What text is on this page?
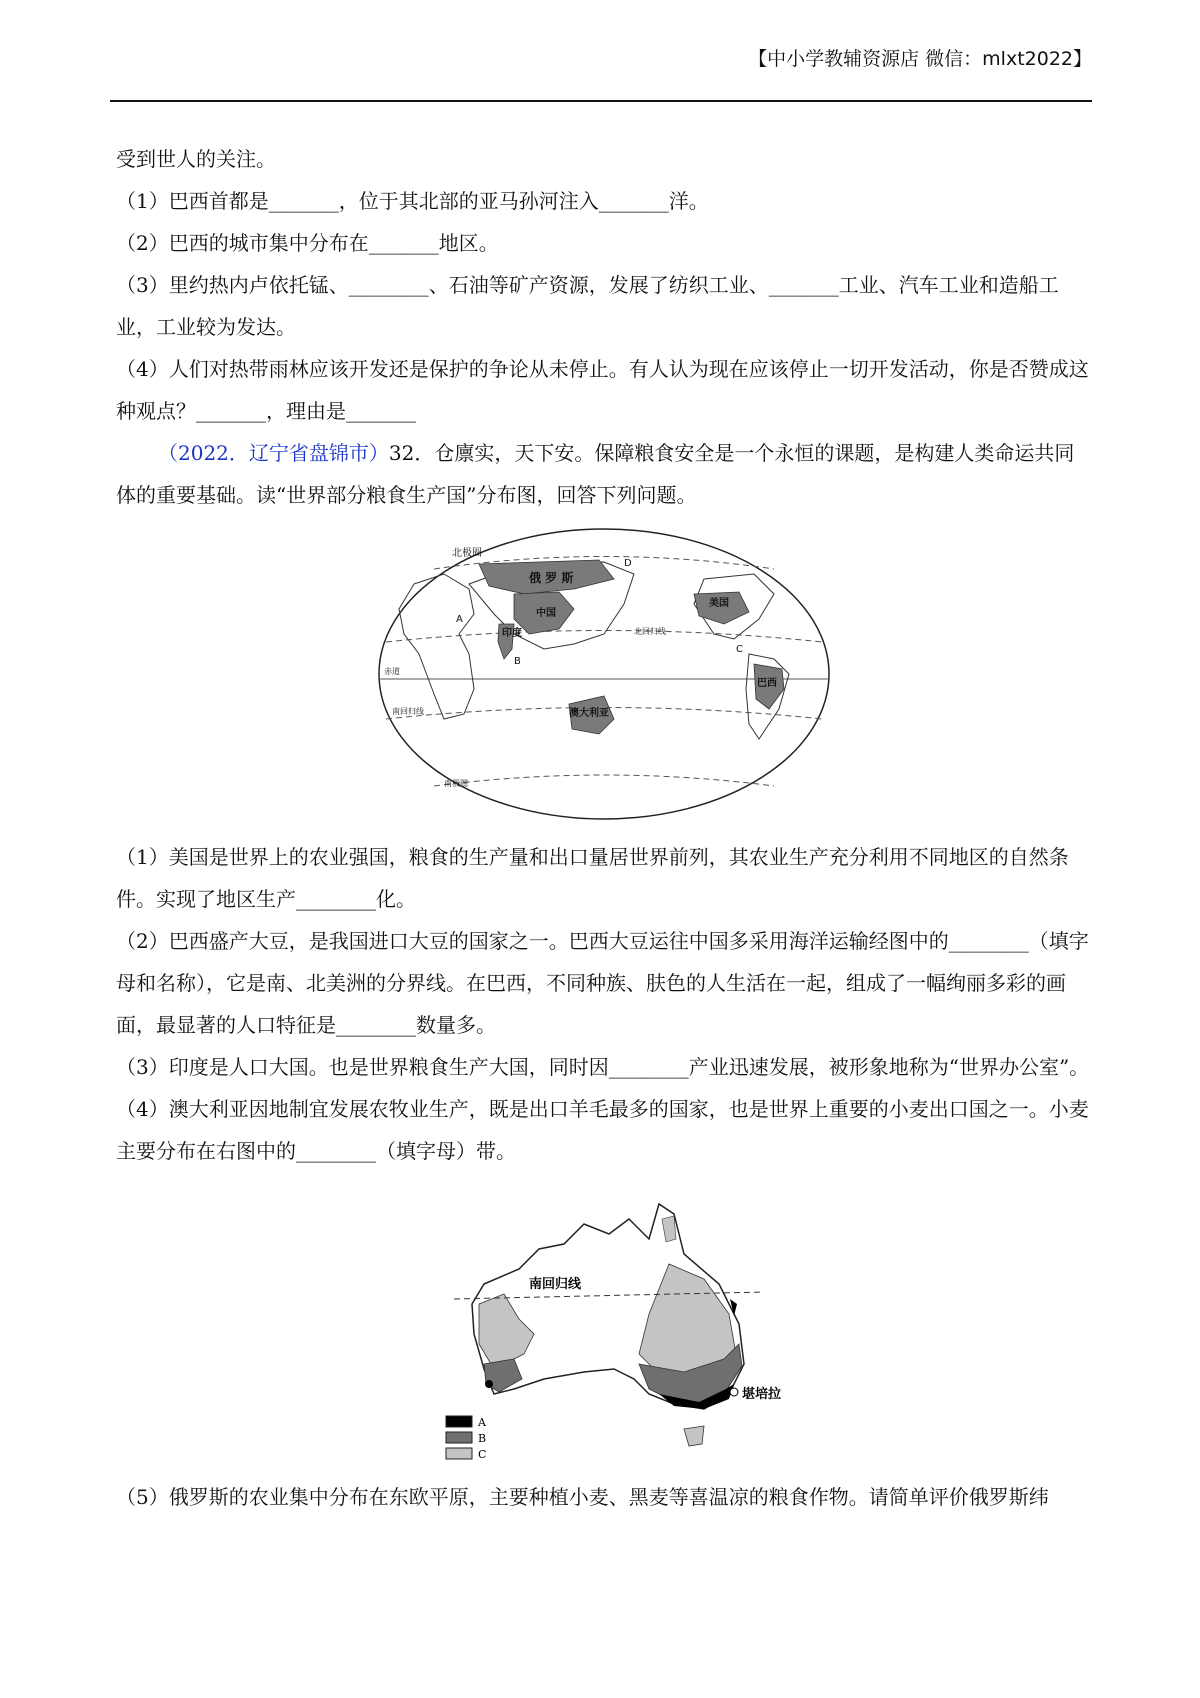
【中小学教辅资源店 微信：mlxt2022】

受到世人的关注。

（1）巴西首都是_______，位于其北部的亚马孙河注入_______洋。

（2）巴西的城市集中分布在_______地区。

（3）里约热内卢依托锰、________、石油等矿产资源，发展了纺织工业、_______工业、汽车工业和造船工业，工业较为发达。

（4）人们对热带雨林应该开发还是保护的争论从未停止。有人认为现在应该停止一切开发活动，你是否赞成这种观点？_______，理由是_______

（2022．辽宁省盘锦市）32．仓廪实，天下安。保障粮食安全是一个永恒的课题，是构建人类命运共同体的重要基础。读“世界部分粮食生产国”分布图，回答下列问题。

北极圈
俄 罗 斯
美国
中国
印度
巴西
澳大利亚
北回归线
赤道
南回归线
南极圈
A
B
C
D

（1）美国是世界上的农业强国，粮食的生产量和出口量居世界前列，其农业生产充分利用不同地区的自然条件。实现了地区生产________化。

（2）巴西盛产大豆，是我国进口大豆的国家之一。巴西大豆运往中国多采用海洋运输经图中的________（填字母和名称），它是南、北美洲的分界线。在巴西，不同种族、肤色的人生活在一起，组成了一幅绚丽多彩的画面，最显著的人口特征是________数量多。

（3）印度是人口大国。也是世界粮食生产大国，同时因________产业迅速发展，被形象地称为“世界办公室”。

（4）澳大利亚因地制宜发展农牧业生产，既是出口羊毛最多的国家，也是世界上重要的小麦出口国之一。小麦主要分布在右图中的________（填字母）带。

南回归线
堪培拉
A
B
C

（5）俄罗斯的农业集中分布在东欧平原，主要种植小麦、黑麦等喜温凉的粮食作物。请简单评价俄罗斯纬
